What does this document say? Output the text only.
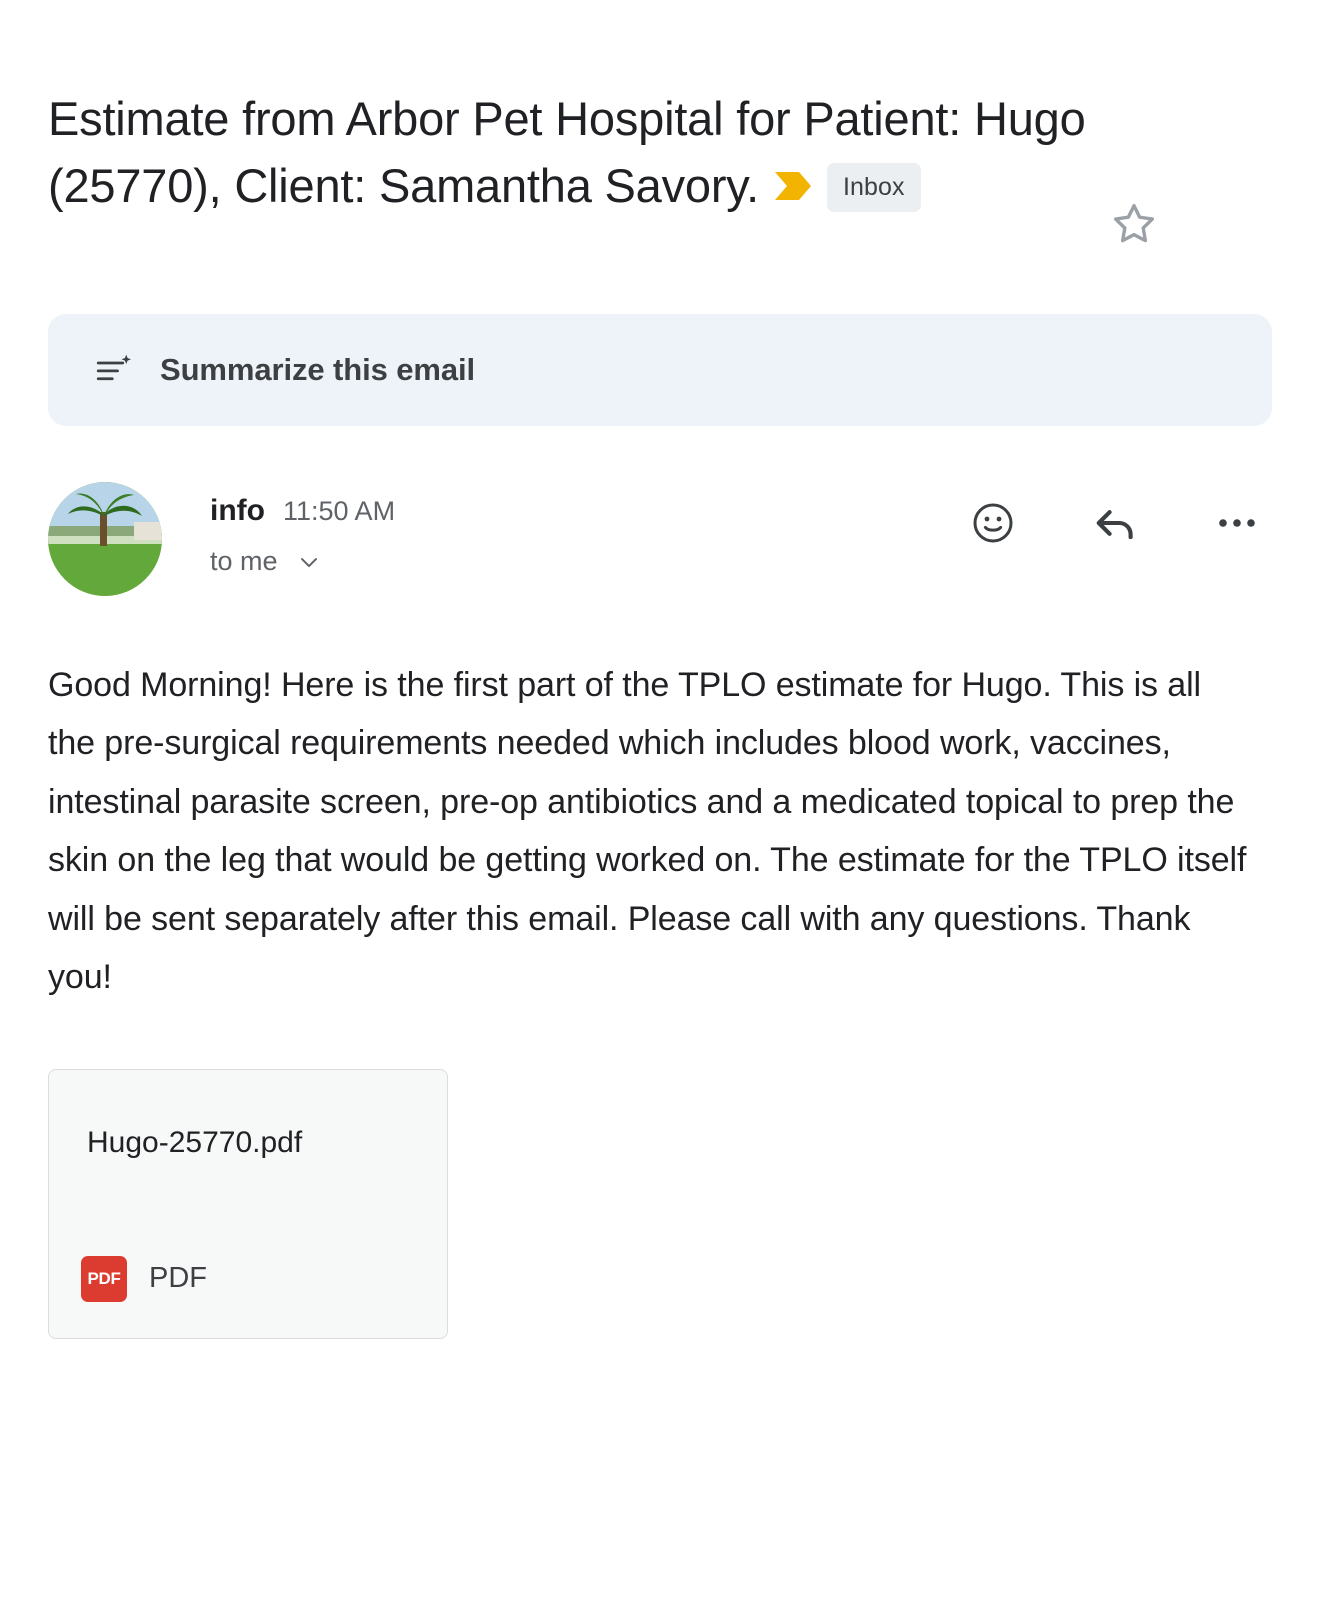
Estimate from Arbor Pet Hospital for Patient: Hugo (25770), Client: Samantha Savory.	Inbox
Summarize this email
info 11:50 AM
to me
Good Morning! Here is the first part of the TPLO estimate for Hugo. This is all the pre-surgical requirements needed which includes blood work, vaccines, intestinal parasite screen, pre-op antibiotics and a medicated topical to prep the skin on the leg that would be getting worked on. The estimate for the TPLO itself will be sent separately after this email. Please call with any questions. Thank you!
Hugo-25770.pdf
PDF PDF
